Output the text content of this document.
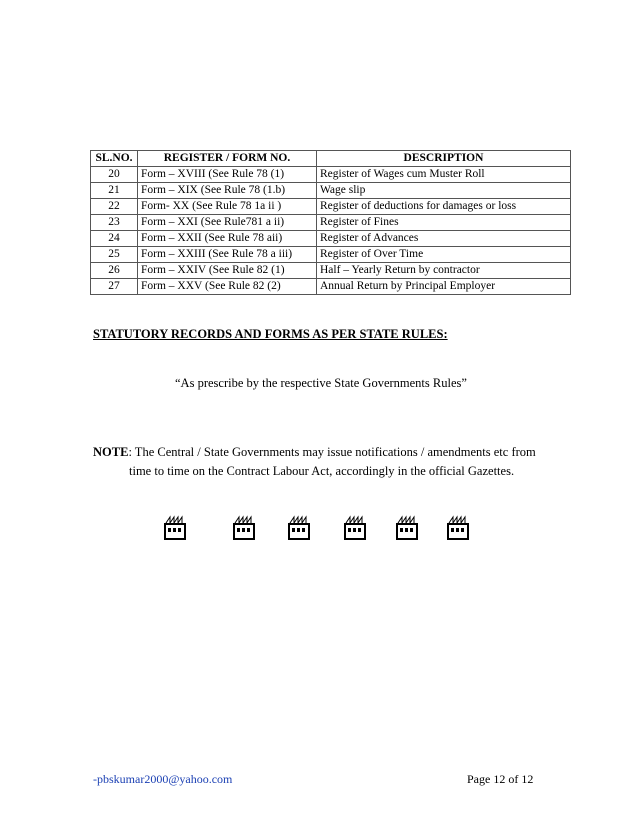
SL.NO.	REGISTER / FORM NO.	DESCRIPTION
20	Form – XVIII (See Rule 78 (1)	Register of Wages cum Muster Roll
21	Form – XIX (See Rule 78 (1.b)	Wage slip
22	Form- XX (See Rule 78 1a ii )	Register of deductions for damages or loss
23	Form – XXI (See Rule781 a ii)	Register of Fines
24	Form – XXII (See Rule 78 aii)	Register of Advances
25	Form – XXIII (See Rule 78 a iii)	Register of Over Time
26	Form – XXIV (See Rule 82 (1)	Half – Yearly Return by contractor
27	Form – XXV (See Rule 82 (2)	Annual Return by Principal Employer
STATUTORY RECORDS AND FORMS AS PER STATE RULES:
“As prescribe by the respective State Governments Rules”
NOTE: The Central / State Governments may issue notifications / amendments etc from
time to time on the Contract Labour Act, accordingly in the official Gazettes.
-pbskumar2000@yahoo.com	Page 12 of 12
